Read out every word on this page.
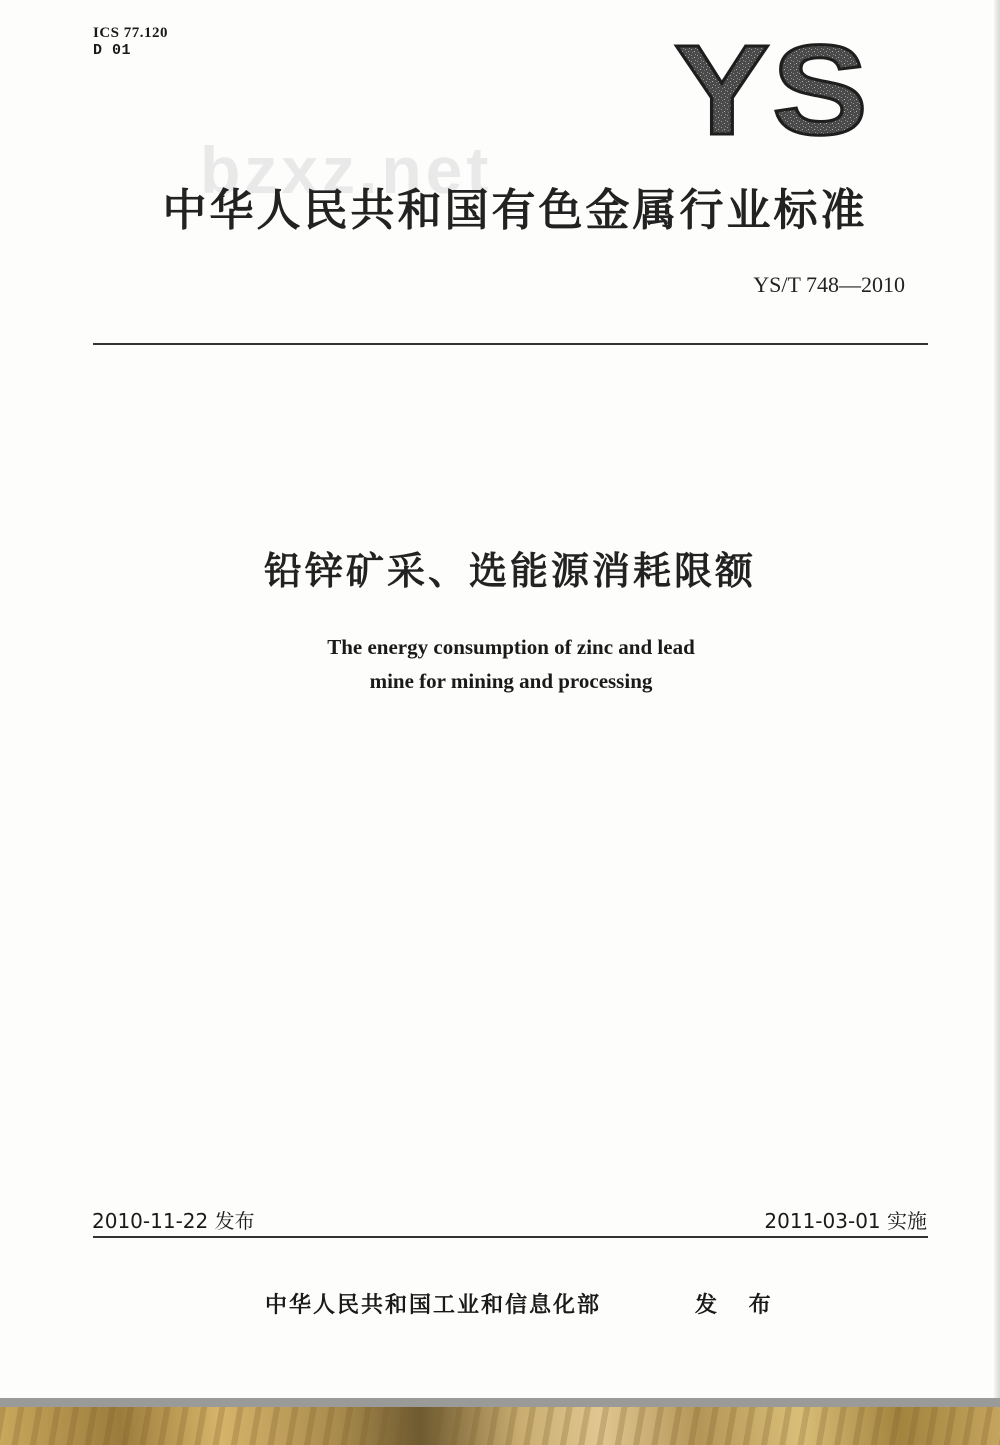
ICS 77.120
D 01	YS
bzxz.net
中华人民共和国有色金属行业标准
YS/T 748—2010
铅锌矿采、选能源消耗限额
The energy consumption of zinc and lead
mine for mining and processing
2010-11-22 发布	2011-03-01 实施
中华人民共和国工业和信息化部	发 布
